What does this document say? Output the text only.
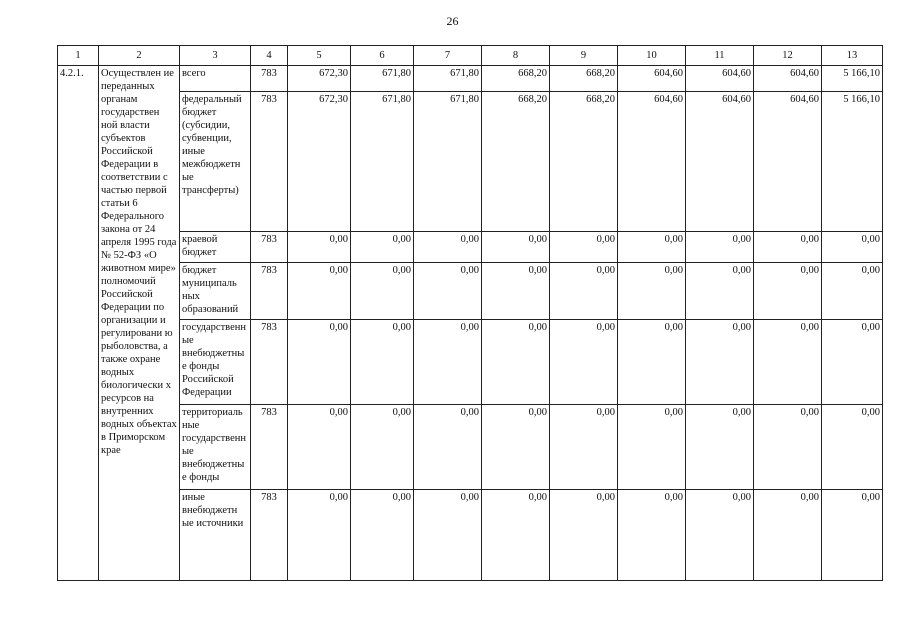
26
1	2	3	4	5	6	7	8	9	10	11	12	13
4.2.1.	Осуществлен ие переданных органам государствен ной власти субъектов Российской Федерации в соответствии с частью первой статьи 6 Федерального закона от 24 апреля 1995 года № 52-ФЗ «О животном мире» полномочий Российской Федерации по организации и регулировани ю рыболовства, а также охране водных биологически х ресурсов на внутренних водных объектах в Приморском крае	всего	783	672,30	671,80	671,80	668,20	668,20	604,60	604,60	604,60	5 166,10
		федеральный бюджет (субсидии, субвенции, иные межбюджетн ые трансферты)	783	672,30	671,80	671,80	668,20	668,20	604,60	604,60	604,60	5 166,10
		краевой бюджет	783	0,00	0,00	0,00	0,00	0,00	0,00	0,00	0,00	0,00
		бюджет муниципаль ных образований	783	0,00	0,00	0,00	0,00	0,00	0,00	0,00	0,00	0,00
		государственн ые внебюджетны е фонды Российской Федерации	783	0,00	0,00	0,00	0,00	0,00	0,00	0,00	0,00	0,00
		территориаль ные государственн ые внебюджетны е фонды	783	0,00	0,00	0,00	0,00	0,00	0,00	0,00	0,00	0,00
		иные внебюджетн ые источники	783	0,00	0,00	0,00	0,00	0,00	0,00	0,00	0,00	0,00
